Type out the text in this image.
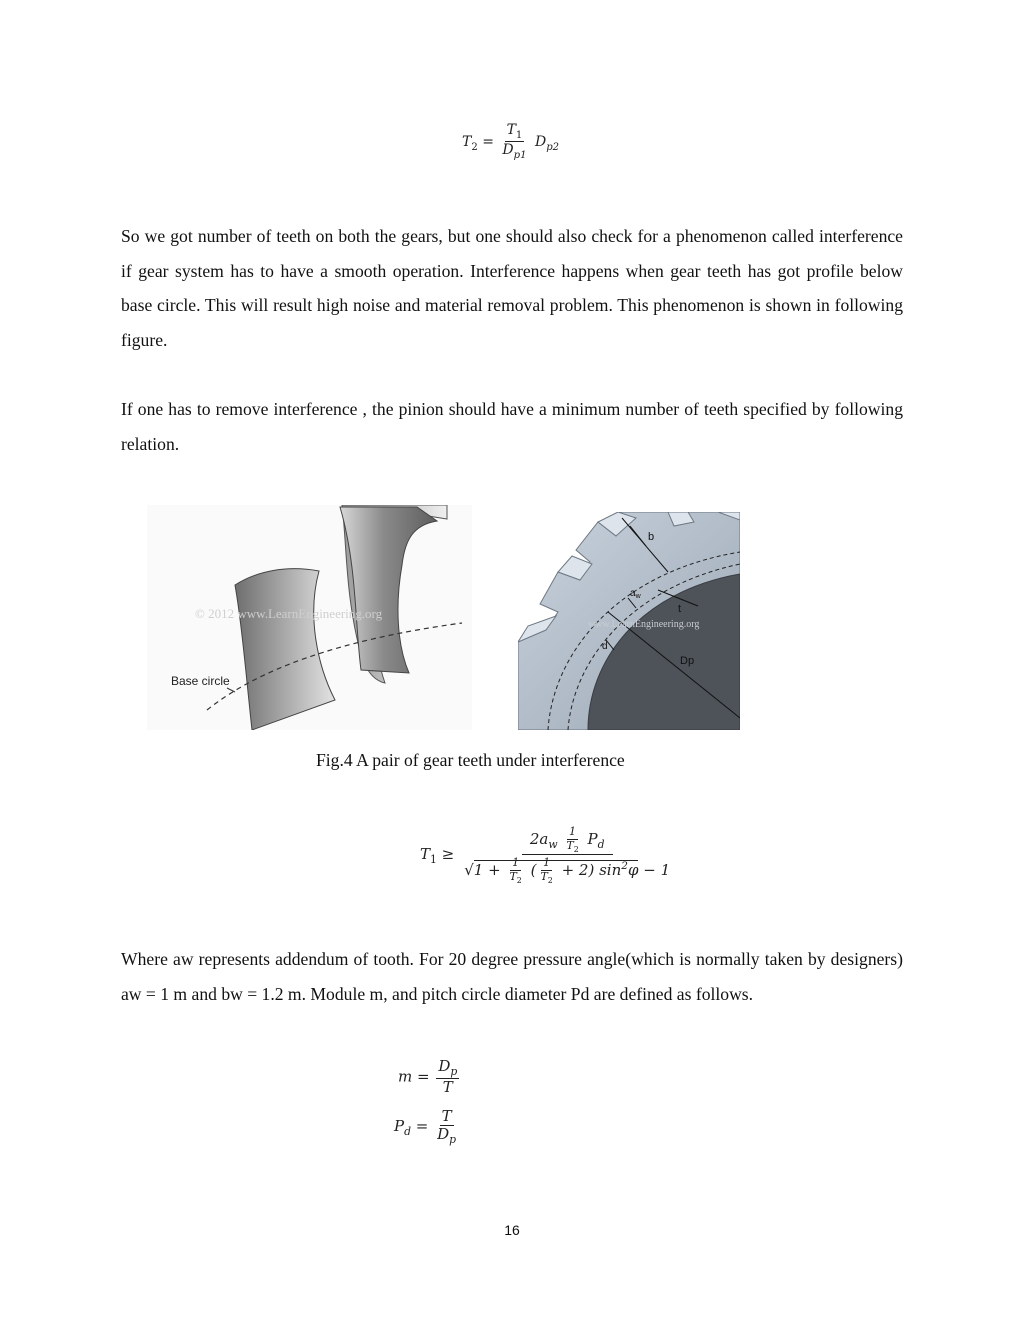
$T_2 = \frac{T_1}{D_{p1}} D_{p2}$

So we got number of teeth on both the gears, but one should also check for a phenomenon called interference if gear system has to have a smooth operation. Interference happens when gear teeth has got profile below base circle. This will result high noise and material removal problem. This phenomenon is shown in following figure.

If one has to remove interference , the pinion should have a minimum number of teeth specified by following relation.

Base circle
© 2012 www.LearnEngineering.org
b
$a_w$
t
d
Dp
www.LearnEngineering.org
Fig.4 A pair of gear teeth under interference
$T_1 \ge \frac{2a_w \frac{1}{T_2} P_d}{√1 + \frac{1}{T_2} ( \frac{1}{T_2} + 2) \sin^2\varphi - 1}$

Where aw represents addendum of tooth. For 20 degree pressure angle(which is normally taken by designers) aw = 1 m and bw = 1.2 m. Module m, and pitch circle diameter Pd are defined as follows.

$m = \frac{D_p}{T}$
$P_d = \frac{T}{D_p}$
16
